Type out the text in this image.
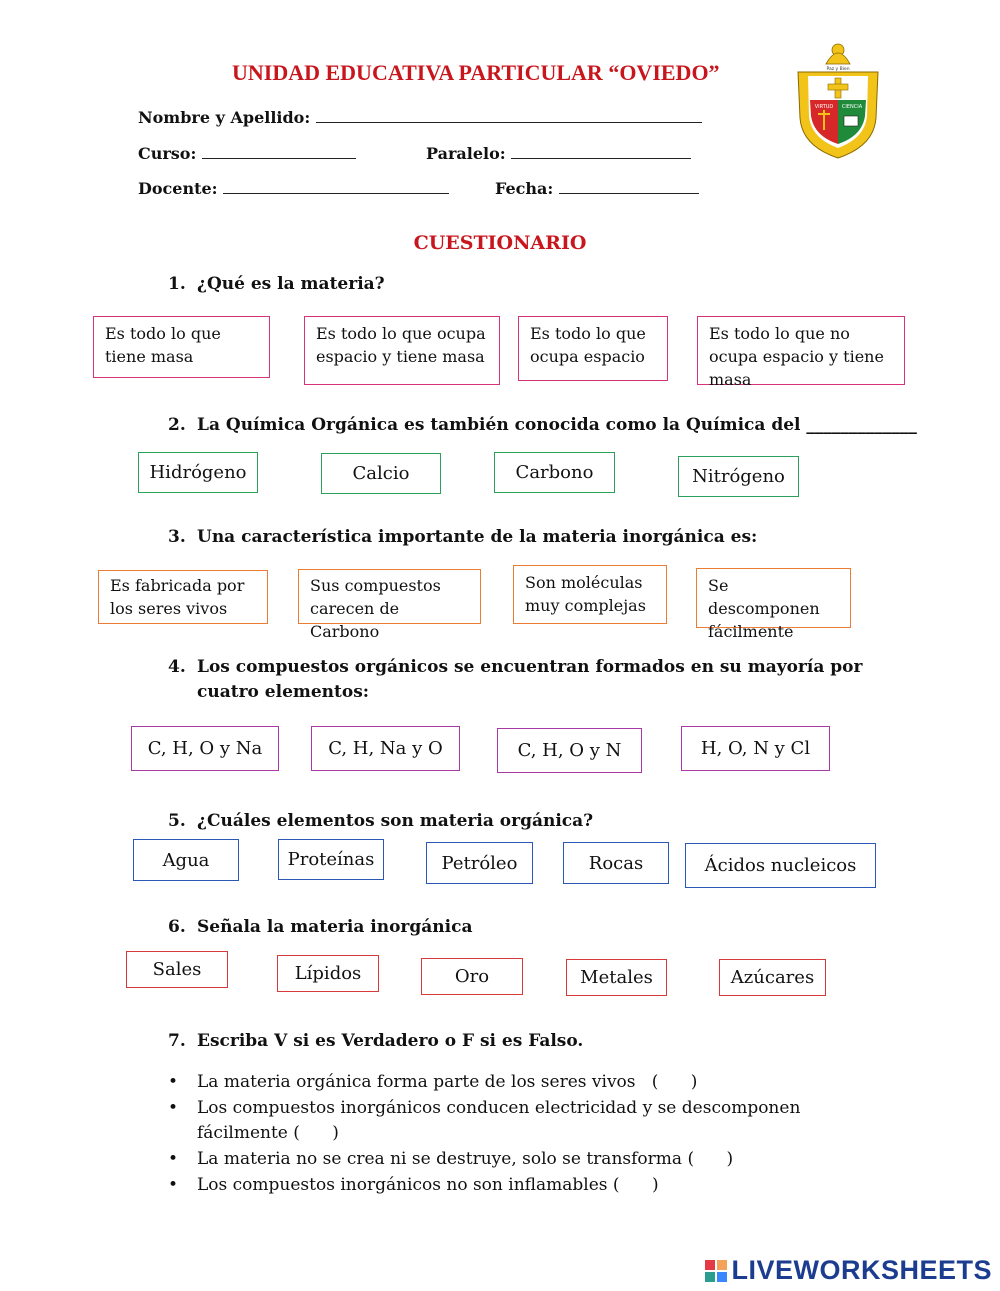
UNIDAD EDUCATIVA PARTICULAR “OVIEDO”
Nombre y Apellido:
Curso:	Paralelo:
Docente:	Fecha:
Paz y Bien
VIRTUD CIENCIA
CUESTIONARIO
1. ¿Qué es la materia?
Es todo lo que tiene masa
Es todo lo que ocupa espacio y tiene masa
Es todo lo que ocupa espacio
Es todo lo que no ocupa espacio y tiene masa
2. La Química Orgánica es también conocida como la Química del _____________
Hidrógeno	Calcio	Carbono	Nitrógeno
3. Una característica importante de la materia inorgánica es:
Es fabricada por los seres vivos
Sus compuestos carecen de Carbono
Son moléculas muy complejas
Se descomponen fácilmente
4. Los compuestos orgánicos se encuentran formados en su mayoría por
cuatro elementos:
C, H, O y Na	C, H, Na y O	C, H, O y N	H, O, N y Cl
5. ¿Cuáles elementos son materia orgánica?
Agua	Proteínas	Petróleo	Rocas	Ácidos nucleicos
6. Señala la materia inorgánica
Sales	Lípidos	Oro	Metales	Azúcares
7. Escriba V si es Verdadero o F si es Falso.
• La materia orgánica forma parte de los seres vivos   (      )
• Los compuestos inorgánicos conducen electricidad y se descomponen
fácilmente (      )
• La materia no se crea ni se destruye, solo se transforma (      )
• Los compuestos inorgánicos no son inflamables (      )
LIVEWORKSHEETS
